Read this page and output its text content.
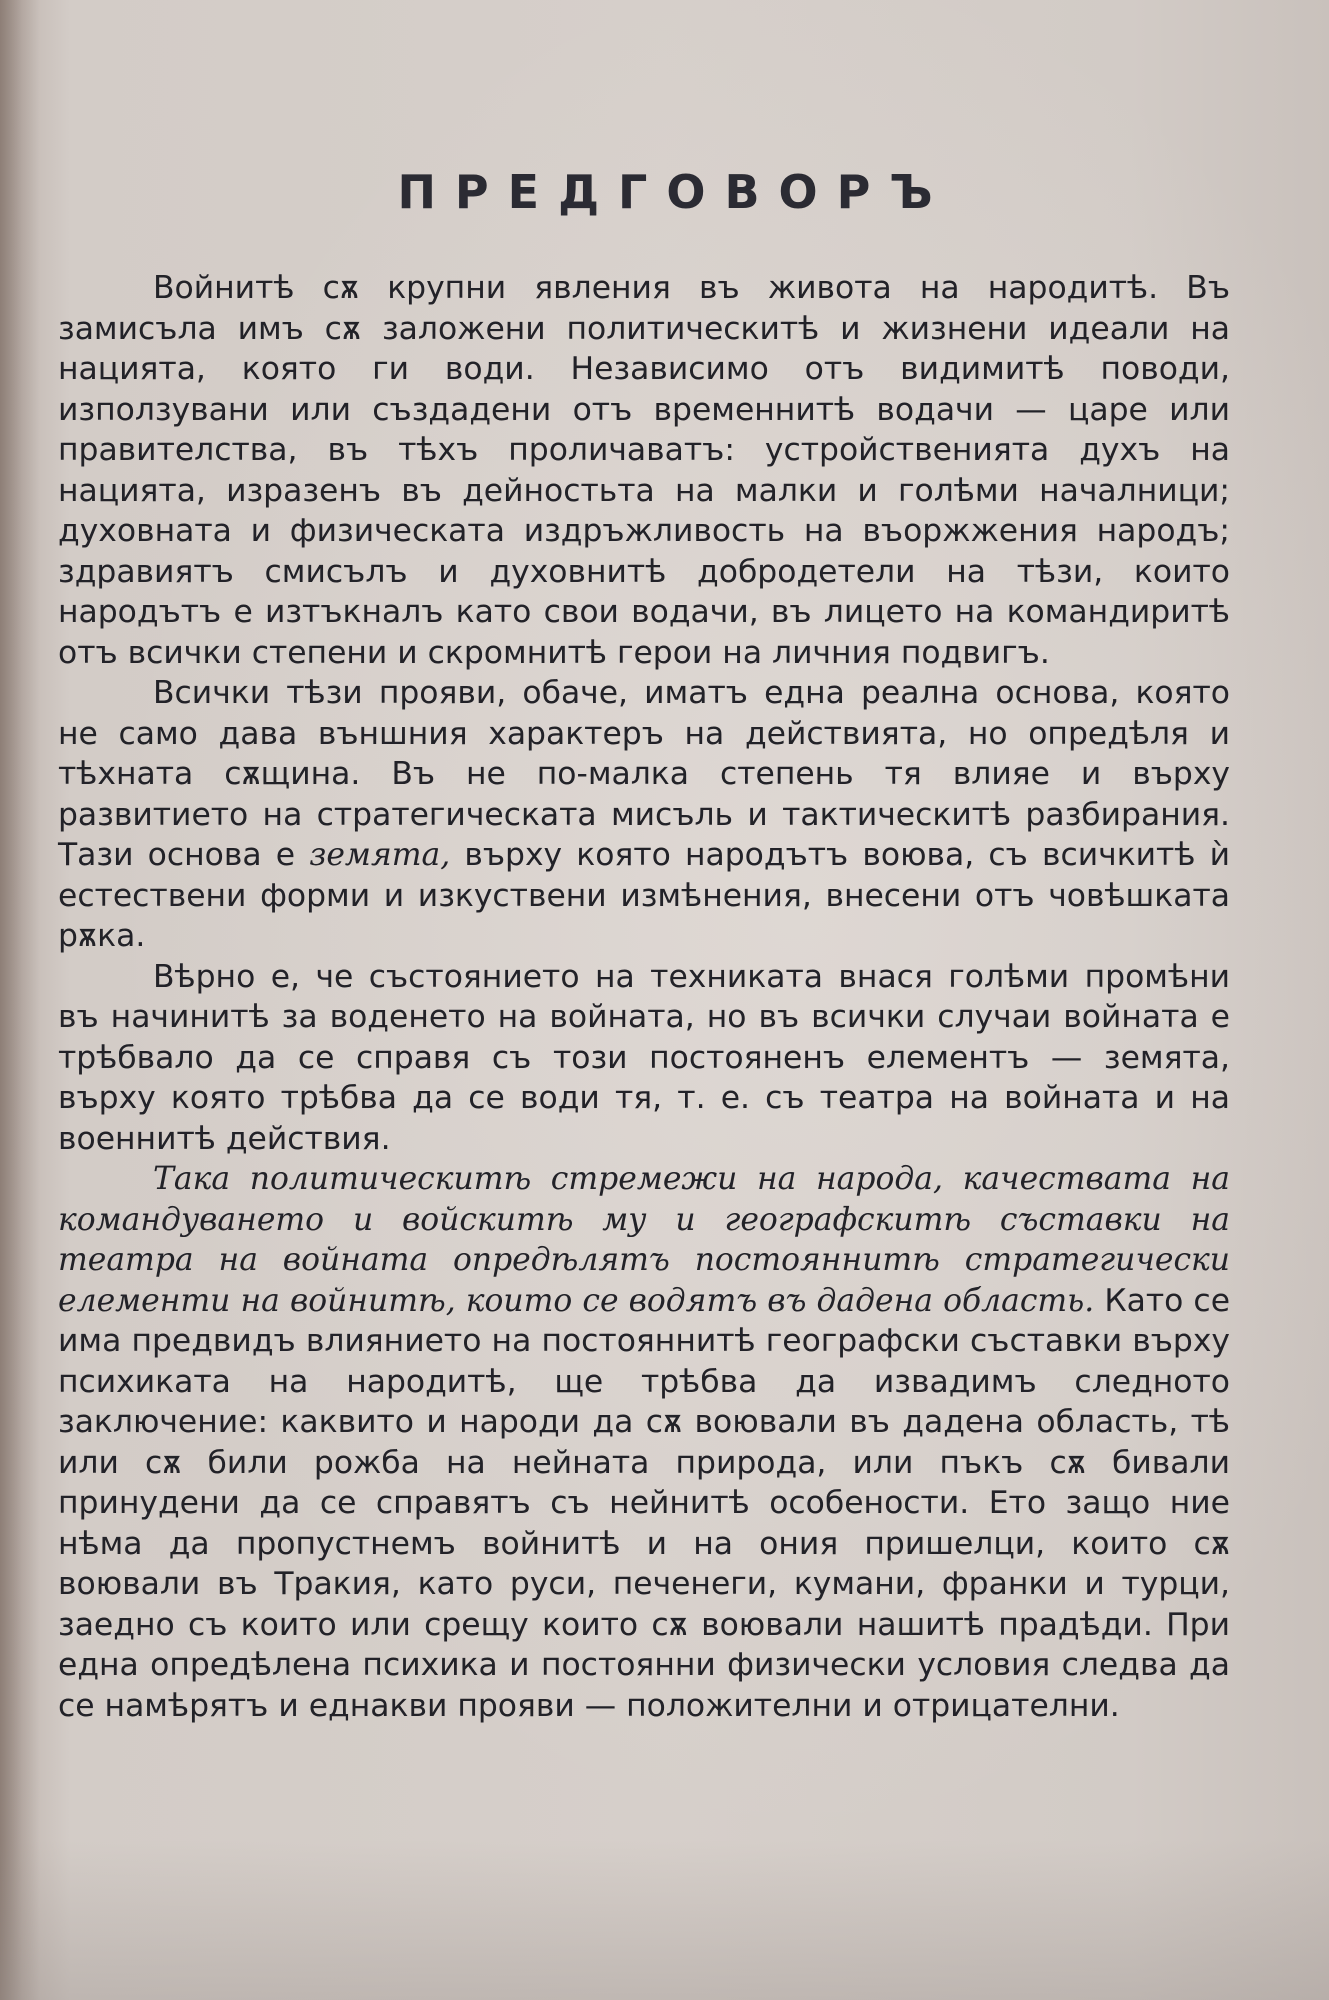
ПРЕДГОВОРЪ

Войнитѣ сѫ крупни явления въ живота на народитѣ. Въ замисъла имъ сѫ заложени политическитѣ и жизнени идеали на нацията, която ги води. Независимо отъ видимитѣ поводи, използувани или създадени отъ временнитѣ водачи — царе или правителства, въ тѣхъ проличаватъ: устройственията духъ на нацията, изразенъ въ дейностьта на малки и голѣми началници; духовната и физическата издръжливость на въоржжения народъ; здравиятъ смисълъ и духовнитѣ добродетели на тѣзи, които народътъ е изтъкналъ като свои водачи, въ лицето на командиритѣ отъ всички степени и скромнитѣ герои на личния подвигъ.

Всички тѣзи прояви, обаче, иматъ една реална основа, която не само дава външния характеръ на действията, но опредѣля и тѣхната сѫщина. Въ не по-малка степень тя влияе и върху развитието на стратегическата мисъль и тактическитѣ разбирания. Тази основа е земята, върху която народътъ воюва, съ всичкитѣ ѝ естествени форми и изкуствени измѣнения, внесени отъ човѣшката рѫка.

Вѣрно е, че състоянието на техниката внася голѣми промѣни въ начинитѣ за воденето на войната, но въ всички случаи войната е трѣбвало да се справя съ този постояненъ елементъ — земята, върху която трѣбва да се води тя, т. е. съ театра на войната и на военнитѣ действия.

Така политическитѣ стремежи на народа, качествата на командуването и войскитѣ му и географскитѣ съставки на театра на войната опредѣлятъ постояннитѣ стратегически елементи на войнитѣ, които се водятъ въ дадена область. Като се има предвидъ влиянието на постояннитѣ географски съставки върху психиката на народитѣ, ще трѣбва да извадимъ следното заключение: каквито и народи да сѫ воювали въ дадена область, тѣ или сѫ били рожба на нейната природа, или пъкъ сѫ бивали принудени да се справятъ съ нейнитѣ особености. Ето защо ние нѣма да пропустнемъ войнитѣ и на ония пришелци, които сѫ воювали въ Тракия, като руси, печенеги, кумани, франки и турци, заедно съ които или срещу които сѫ воювали нашитѣ прадѣди. При една опредѣлена психика и постоянни физически условия следва да се намѣрятъ и еднакви прояви — положителни и отрицателни.
